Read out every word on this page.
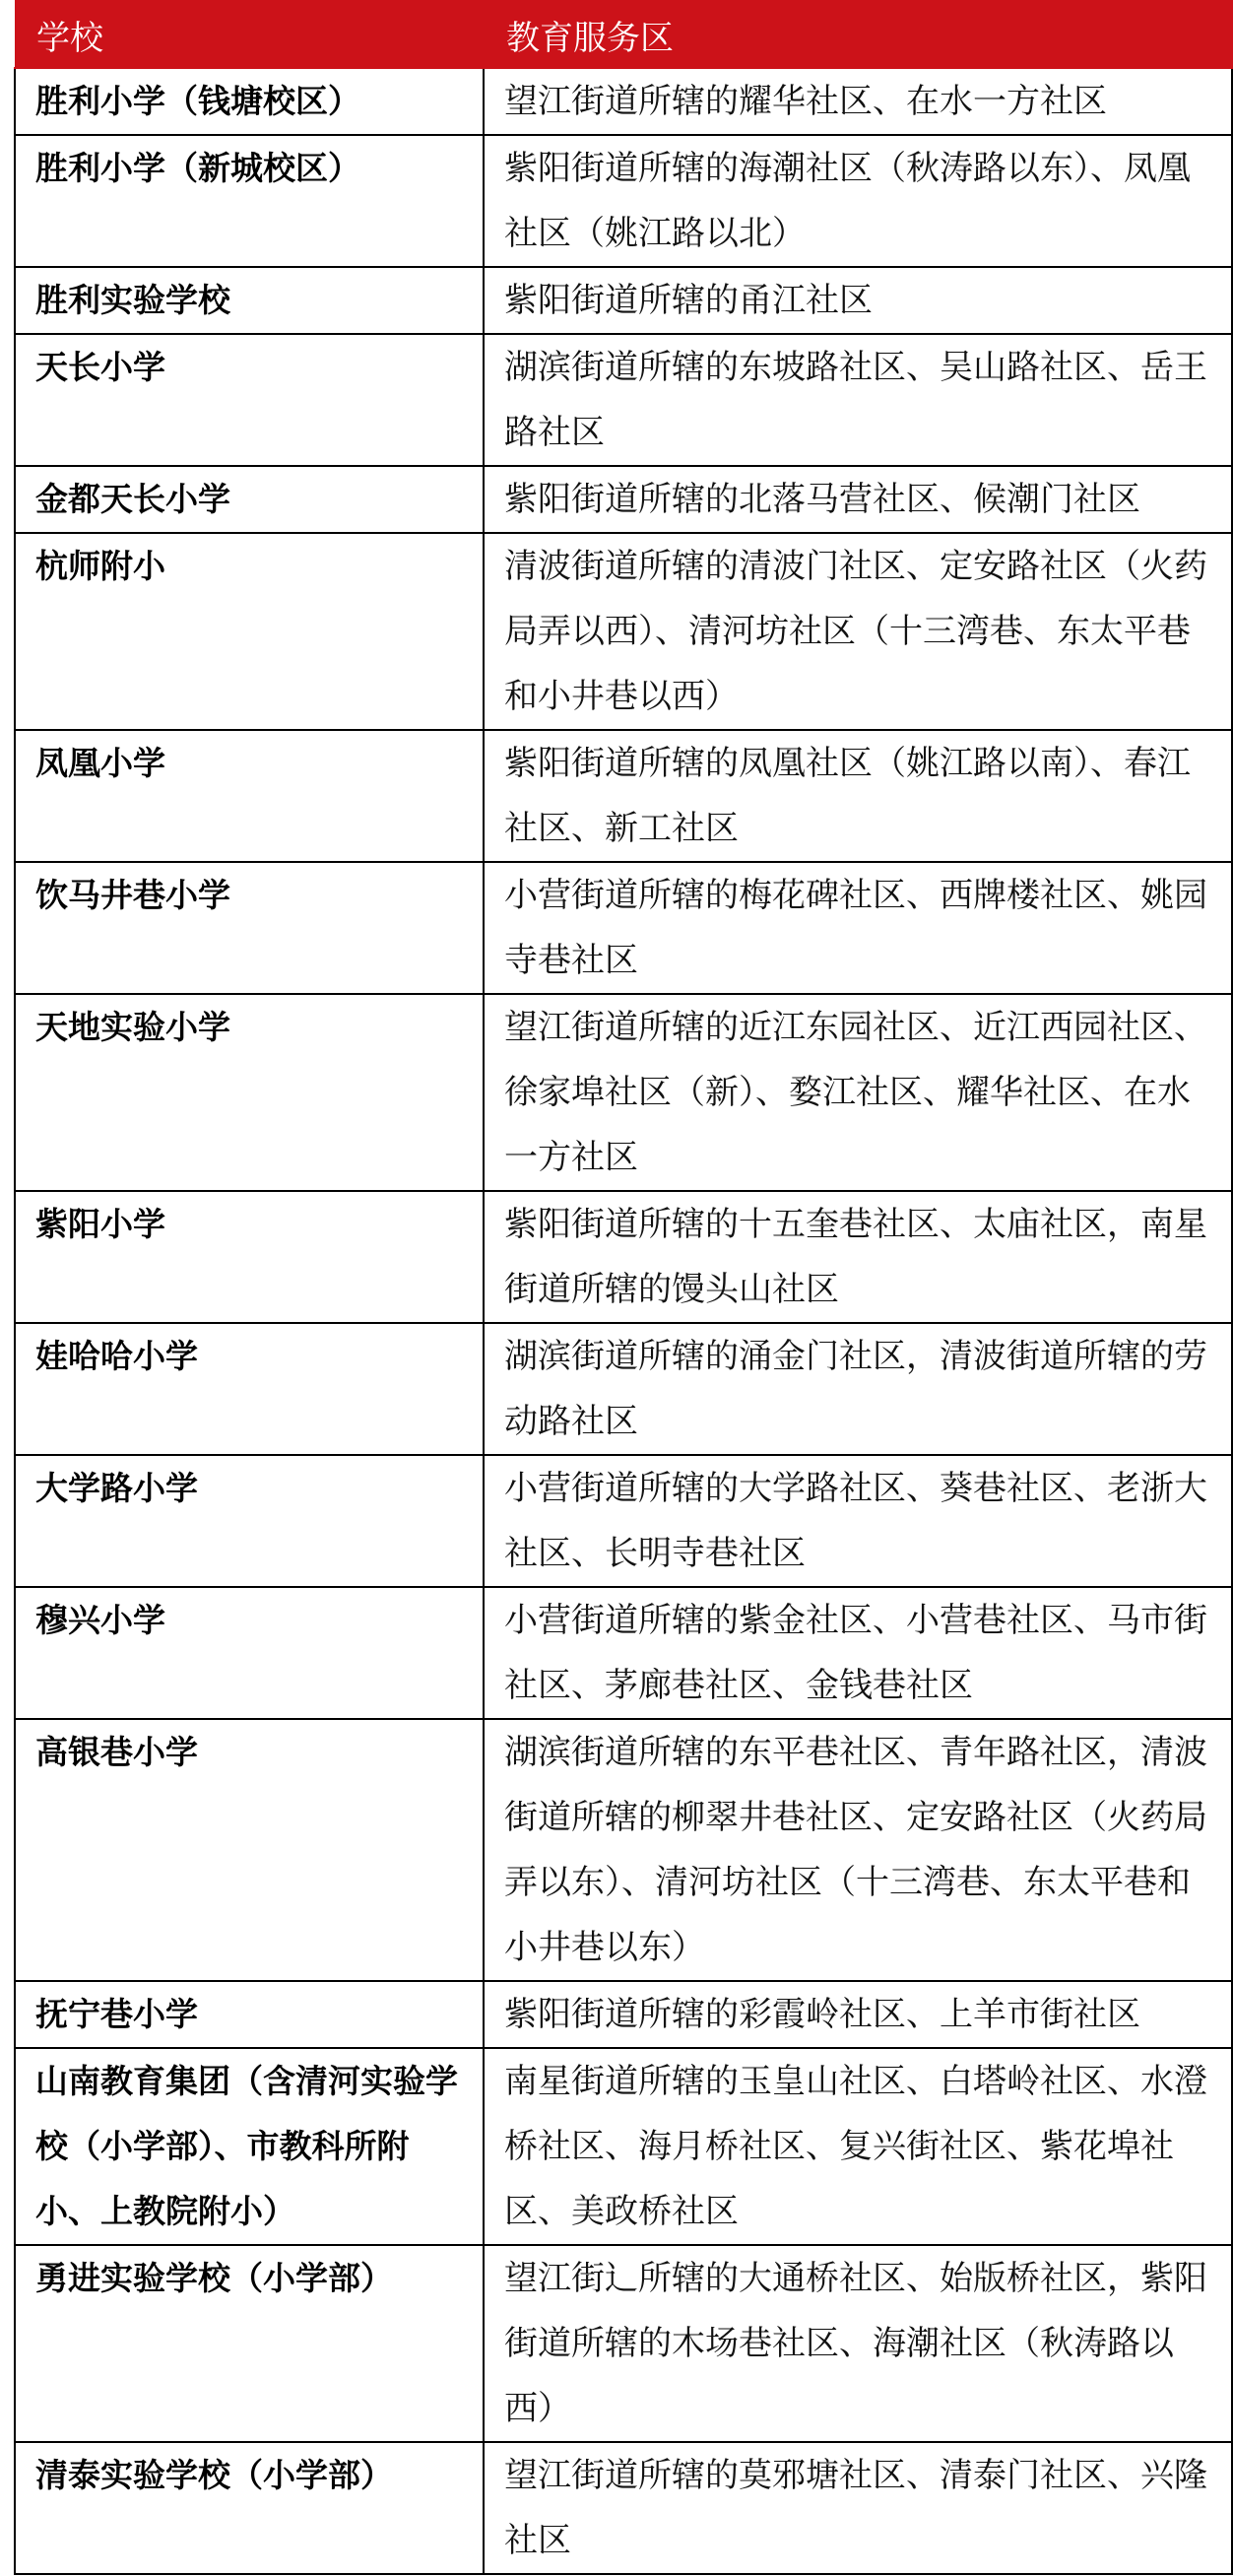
学校	教育服务区
胜利小学（钱塘校区）	望江街道所辖的耀华社区、在水一方社区
胜利小学（新城校区）	紫阳街道所辖的海潮社区（秋涛路以东）、凤凰社区（姚江路以北）
胜利实验学校	紫阳街道所辖的甬江社区
天长小学	湖滨街道所辖的东坡路社区、吴山路社区、岳王路社区
金都天长小学	紫阳街道所辖的北落马营社区、候潮门社区
杭师附小	清波街道所辖的清波门社区、定安路社区（火药局弄以西）、清河坊社区（十三湾巷、东太平巷和小井巷以西）
凤凰小学	紫阳街道所辖的凤凰社区（姚江路以南）、春江社区、新工社区
饮马井巷小学	小营街道所辖的梅花碑社区、西牌楼社区、姚园寺巷社区
天地实验小学	望江街道所辖的近江东园社区、近江西园社区、徐家埠社区（新）、婺江社区、耀华社区、在水一方社区
紫阳小学	紫阳街道所辖的十五奎巷社区、太庙社区，南星街道所辖的馒头山社区
娃哈哈小学	湖滨街道所辖的涌金门社区，清波街道所辖的劳动路社区
大学路小学	小营街道所辖的大学路社区、葵巷社区、老浙大社区、长明寺巷社区
穆兴小学	小营街道所辖的紫金社区、小营巷社区、马市街社区、茅廊巷社区、金钱巷社区
高银巷小学	湖滨街道所辖的东平巷社区、青年路社区，清波街道所辖的柳翠井巷社区、定安路社区（火药局弄以东）、清河坊社区（十三湾巷、东太平巷和小井巷以东）
抚宁巷小学	紫阳街道所辖的彩霞岭社区、上羊市街社区
山南教育集团（含清河实验学校（小学部）、市教科所附小、上教院附小）	南星街道所辖的玉皇山社区、白塔岭社区、水澄桥社区、海月桥社区、复兴街社区、紫花埠社区、美政桥社区
勇进实验学校（小学部）	望江街辶所辖的大通桥社区、始版桥社区，紫阳街道所辖的木场巷社区、海潮社区（秋涛路以西）
清泰实验学校（小学部）	望江街道所辖的莫邪塘社区、清泰门社区、兴隆社区
